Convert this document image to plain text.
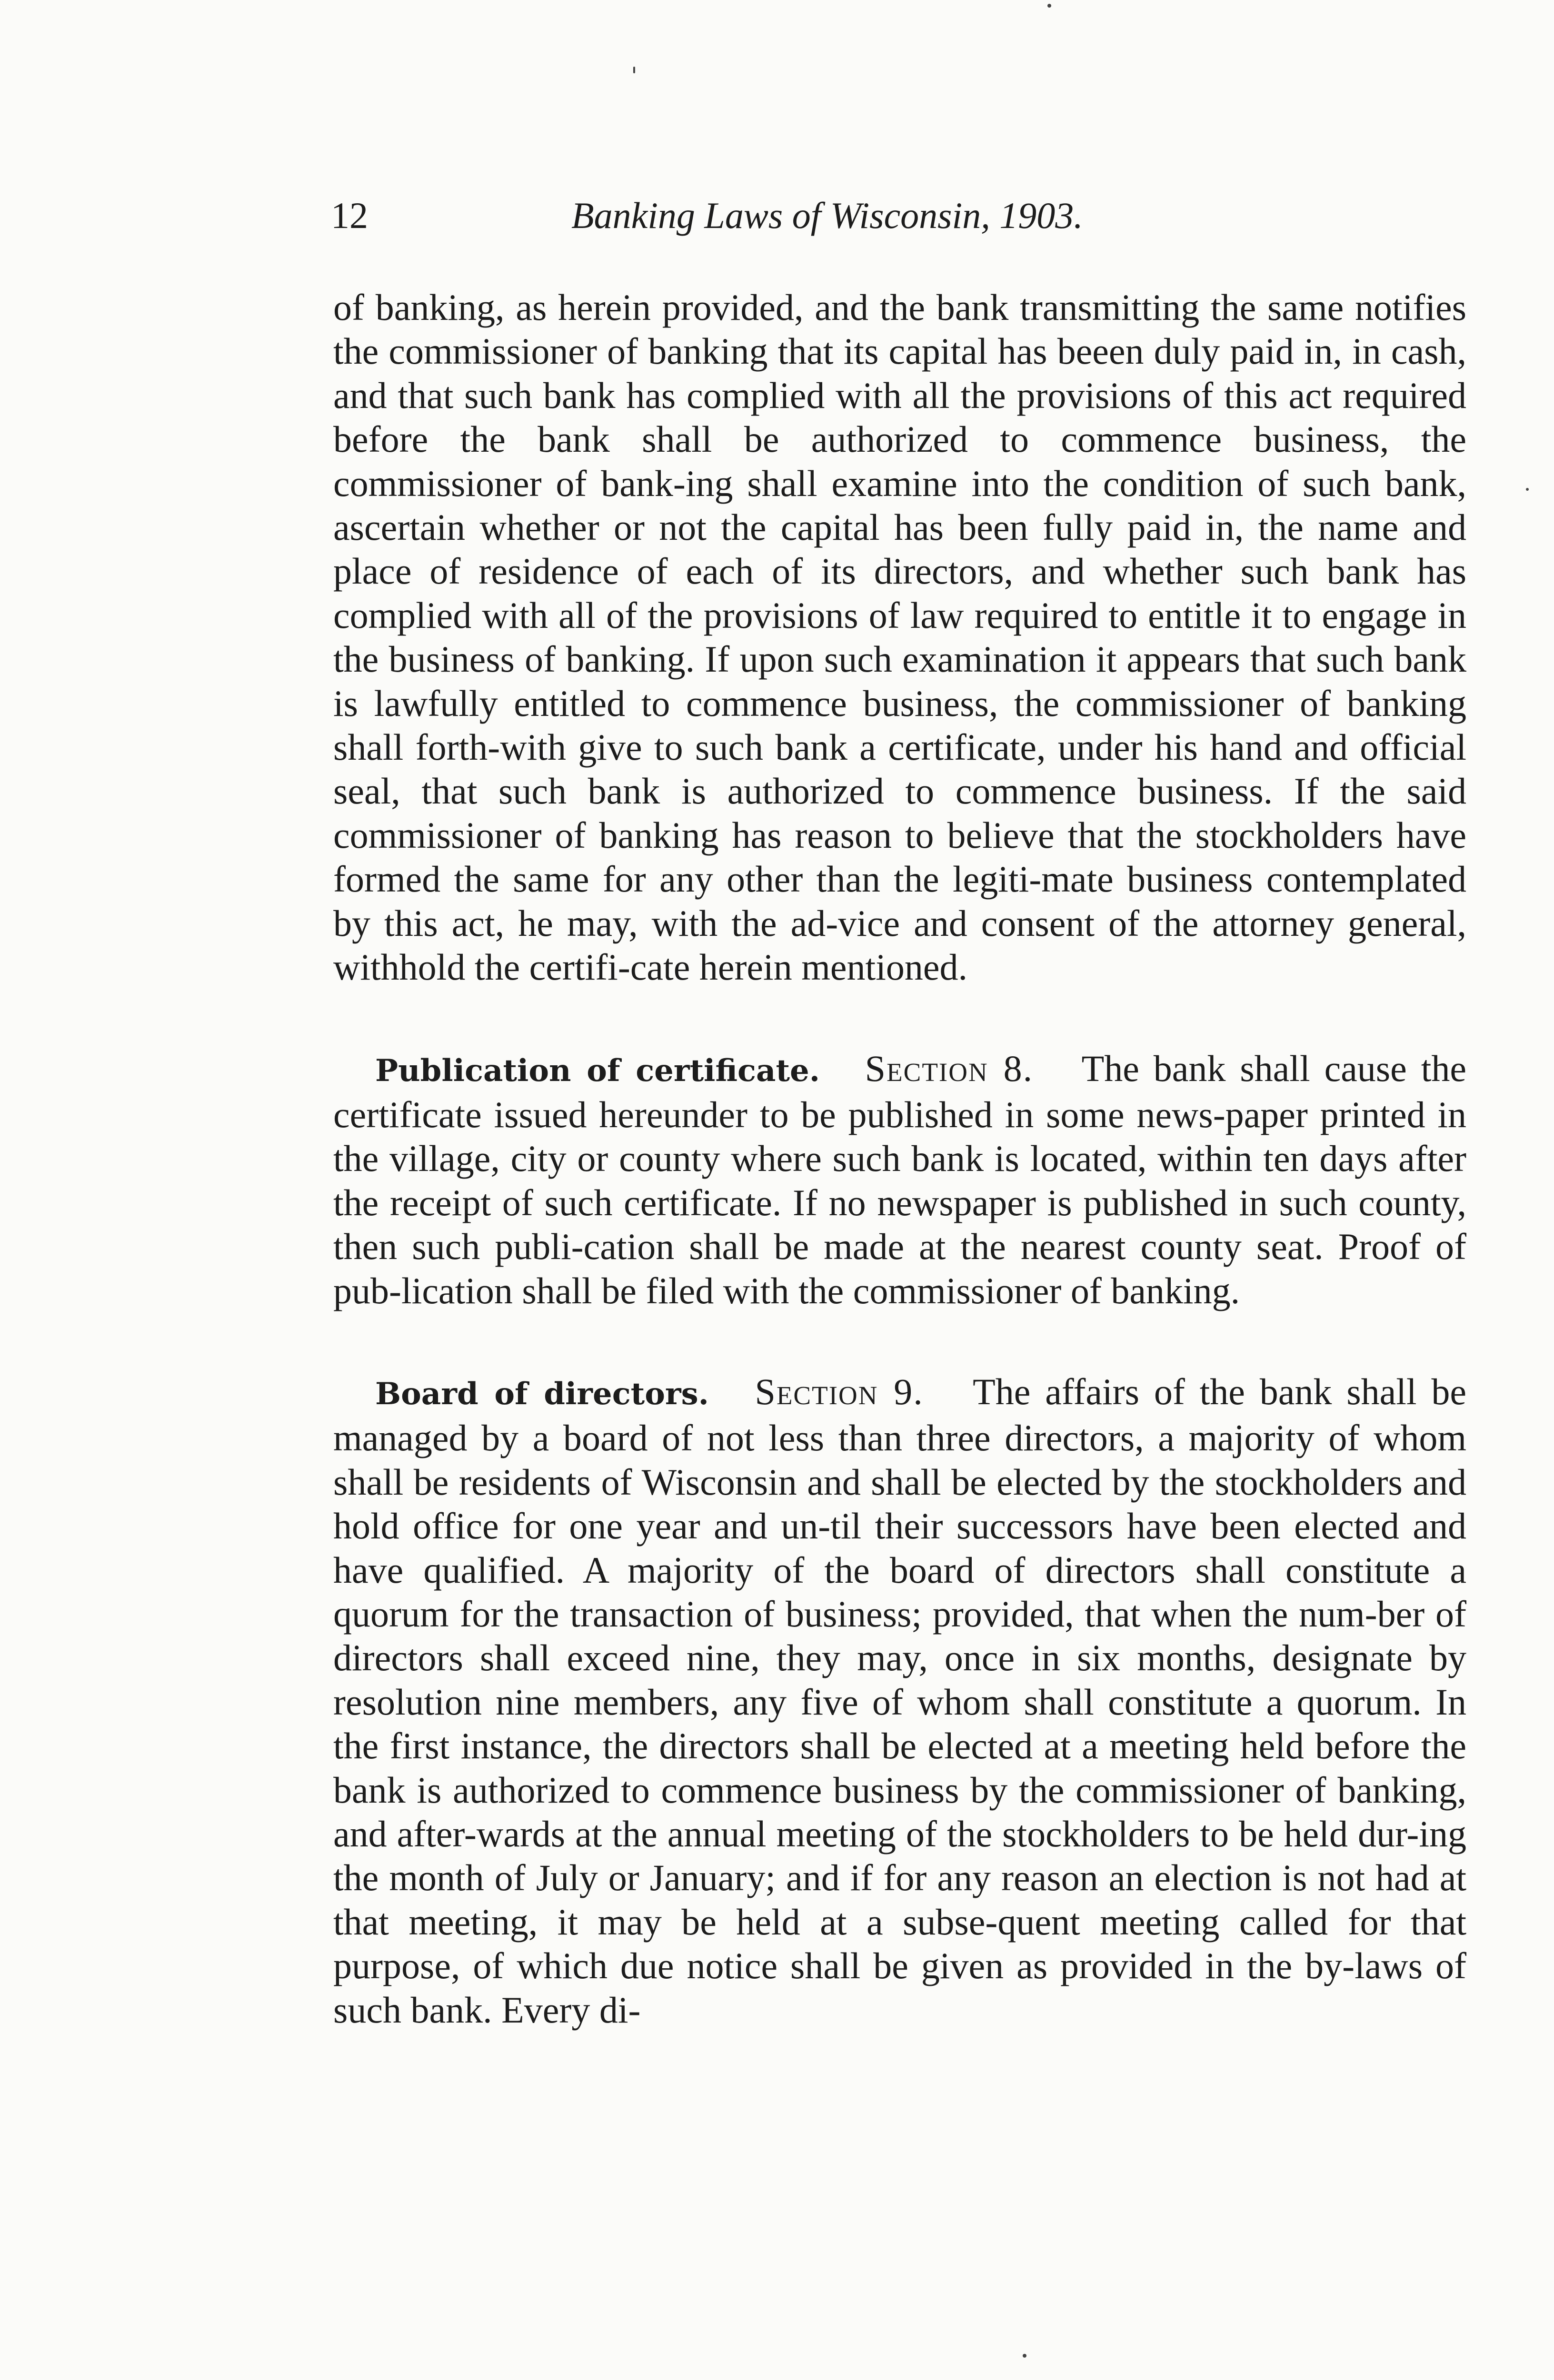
12	Banking Laws of Wisconsin, 1903.

of banking, as herein provided, and the bank transmitting the same notifies the commissioner of banking that its capital has beeen duly paid in, in cash, and that such bank has complied with all the provisions of this act required before the bank shall be authorized to commence business, the commissioner of bank-ing shall examine into the condition of such bank, ascertain whether or not the capital has been fully paid in, the name and place of residence of each of its directors, and whether such bank has complied with all of the provisions of law required to entitle it to engage in the business of banking. If upon such examination it appears that such bank is lawfully entitled to commence business, the commissioner of banking shall forth-with give to such bank a certificate, under his hand and official seal, that such bank is authorized to commence business. If the said commissioner of banking has reason to believe that the stockholders have formed the same for any other than the legiti-mate business contemplated by this act, he may, with the ad-vice and consent of the attorney general, withhold the certifi-cate herein mentioned.

Publication of certificate.   Section 8.   The bank shall cause the certificate issued hereunder to be published in some news-paper printed in the village, city or county where such bank is located, within ten days after the receipt of such certificate. If no newspaper is published in such county, then such publi-cation shall be made at the nearest county seat. Proof of pub-lication shall be filed with the commissioner of banking.

Board of directors.   Section 9.   The affairs of the bank shall be managed by a board of not less than three directors, a majority of whom shall be residents of Wisconsin and shall be elected by the stockholders and hold office for one year and un-til their successors have been elected and have qualified. A majority of the board of directors shall constitute a quorum for the transaction of business; provided, that when the num-ber of directors shall exceed nine, they may, once in six months, designate by resolution nine members, any five of whom shall constitute a quorum. In the first instance, the directors shall be elected at a meeting held before the bank is authorized to commence business by the commissioner of banking, and after-wards at the annual meeting of the stockholders to be held dur-ing the month of July or January; and if for any reason an election is not had at that meeting, it may be held at a subse-quent meeting called for that purpose, of which due notice shall be given as provided in the by-laws of such bank. Every di-
